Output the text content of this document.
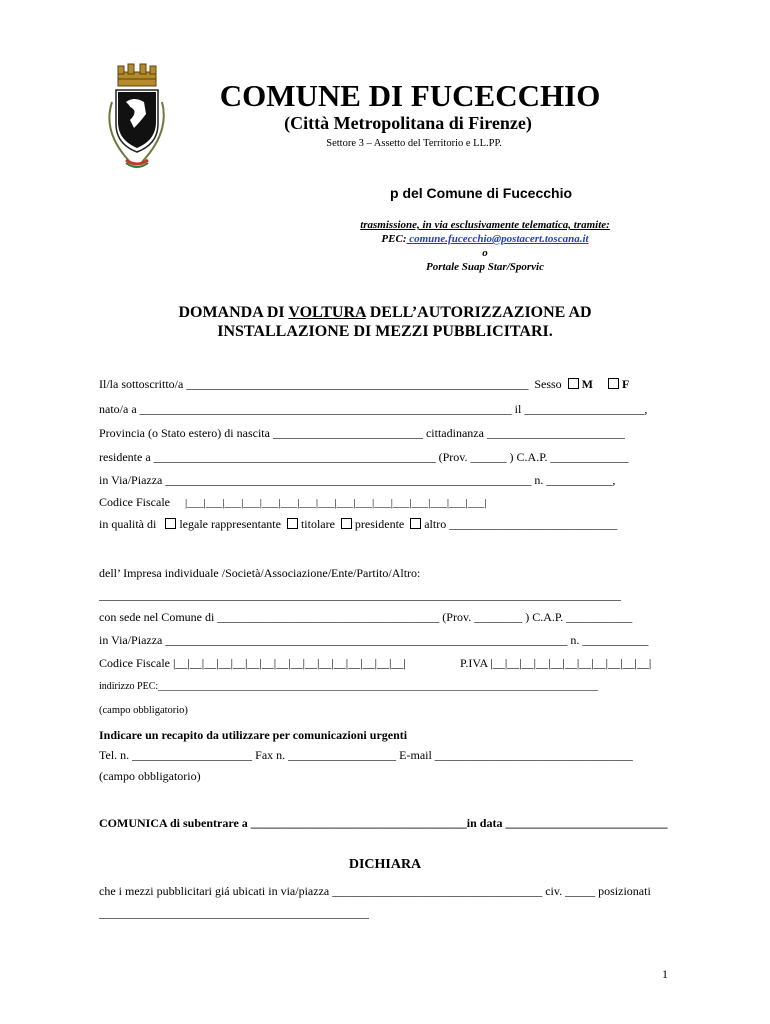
COMUNE DI FUCECCHIO
(Città Metropolitana di Firenze)
Settore 3 – Assetto del Territorio e LL.PP.
p del Comune di Fucecchio
trasmissione, in via esclusivamente telematica, tramite:
PEC: comune.fucecchio@postacert.toscana.it
o
Portale Suap Star/Sporvic
DOMANDA DI VOLTURA DELL’AUTORIZZAZIONE AD
INSTALLAZIONE DI MEZZI PUBBLICITARI.
Il/la sottoscritto/a _________________________________________________________ Sesso M F
nato/a a ______________________________________________________________ il ____________________,
Provincia (o Stato estero) di nascita _________________________ cittadinanza _______________________
residente a _______________________________________________ (Prov. ______ ) C.A.P. _____________
in Via/Piazza _____________________________________________________________ n. ___________,
Codice Fiscale |___|___|___|___|___|___|___|___|___|___|___|___|___|___|___|___|
in qualità di legale rappresentante titolare presidente altro ____________________________
dell’ Impresa individuale /Società/Associazione/Ente/Partito/Altro:
_______________________________________________________________________________________
con sede nel Comune di _____________________________________ (Prov. ________ ) C.A.P. ___________
in Via/Piazza ___________________________________________________________________ n. ___________
Codice Fiscale |__|__|__|__|__|__|__|__|__|__|__|__|__|__|__|__|	P.IVA |__|__|__|__|__|__|__|__|__|__|__|
indirizzo PEC:________________________________________________________________________________________
(campo obbligatorio)
Indicare un recapito da utilizzare per comunicazioni urgenti
Tel. n. ____________________ Fax n. __________________ E-mail _________________________________
(campo obbligatorio)
COMUNICA di subentrare a ____________________________________in data ___________________________
DICHIARA
che i mezzi pubblicitari giá ubicati in via/piazza ___________________________________ civ. _____ posizionati
_____________________________________________
1
